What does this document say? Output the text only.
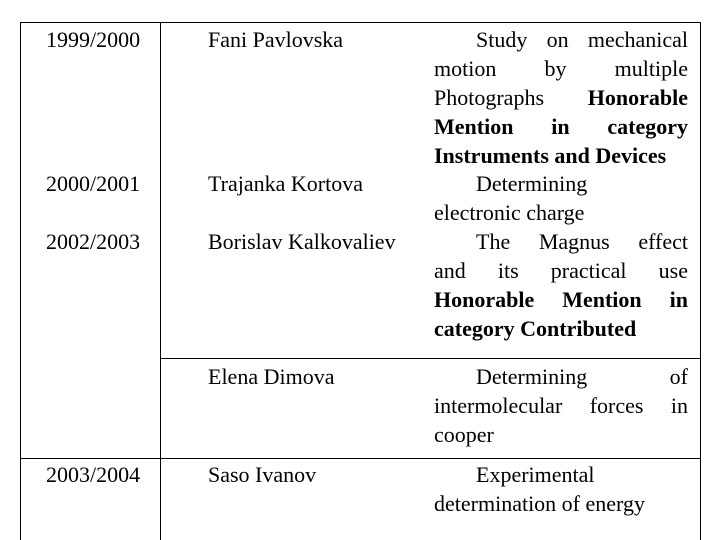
1999/2000	Fani Pavlovska	Study on mechanical
motion by multiple
Photographs Honorable
Mention in category
Instruments and Devices
2000/2001	Trajanka Kortova	Determining
electronic charge
2002/2003	Borislav Kalkovaliev	The Magnus effect
and its practical use
Honorable Mention in
category Contributed
Elena Dimova	Determining of
intermolecular forces in
cooper
2003/2004	Saso Ivanov	Experimental
determination of energy
